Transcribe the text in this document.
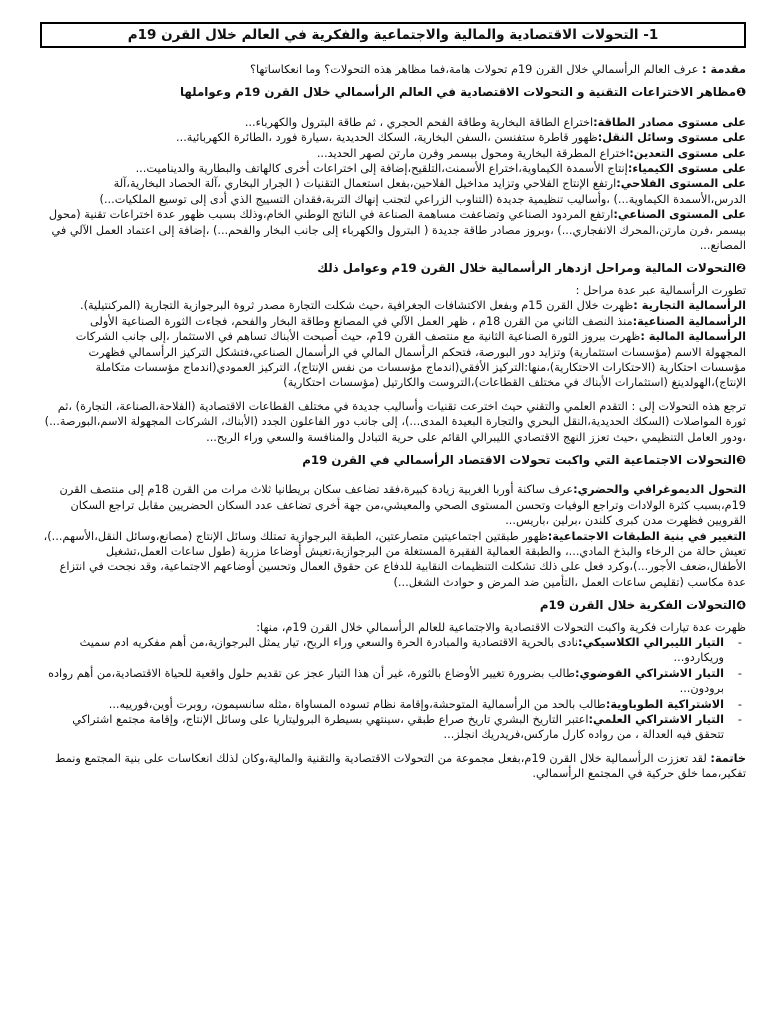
1- التحولات الاقتصادية والمالية والاجتماعية والفكرية في العالم خلال القرن 19م

مقدمة : عرف العالم الرأسمالي خلال القرن 19م تحولات هامة،فما مظاهر هذه التحولات؟ وما انعكاساتها؟

❶مظاهر الاختراعات التقنية و التحولات الاقتصادية في العالم الرأسمالي خلال القرن 19م وعواملها

على مستوى مصادر الطاقة:اختراع الطاقة البخارية وطاقة الفحم الحجري ، ثم طاقة البترول والكهرباء...

على مستوى وسائل النقل:ظهور قاطرة ستفنسن ،السفن البخارية، السكك الحديدية ،سيارة فورد ،الطائرة الكهربائية...

على مستوى التعدين:اختراع المطرقة البخارية ومحول بيسمر وفرن مارتن لصهر الحديد...

على مستوى الكيمياء:إنتاج الأسمدة الكيماوية،اختراع الأسمنت،التلقيح،إضافة إلى اختراعات أخرى كالهاتف والبطارية والديناميت...

على المستوى الفلاحي:ارتفع الإنتاج الفلاحي وتزايد مداخيل الفلاحين،بفعل استعمال التقنيات ( الجرار البخاري ،آلة الحصاد البخارية،آلة الدرس،الأسمدة الكيماوية...) ،وأساليب تنظيمية جديدة (التناوب الزراعي لتجنب إنهاك التربة،فقدان التسييج الذي أدى إلى توسيع الملكيات...)

على المستوى الصناعي:ارتفع المردود الصناعي وتضاعفت مساهمة الصناعة في الناتج الوطني الخام،وذلك بسبب ظهور عدة اختراعات تقنية (محول بيسمر ،فرن مارتن،المحرك الانفجاري...) ،وبروز مصادر طاقة جديدة ( البترول والكهرباء إلى جانب البخار والفحم...) ،إضافة إلى اعتماد العمل الآلي في المصانع...

❷التحولات المالية ومراحل ازدهار الرأسمالية خلال القرن 19م وعوامل ذلك

تطورت الرأسمالية عبر عدة مراحل :

الرأسمالية التجارية :ظهرت خلال القرن 15م وبفعل الاكتشافات الجغرافية ،حيث شكلت التجارة مصدر ثروة البرجوازية التجارية (المركنتيلية).

الرأسمالية الصناعية:منذ النصف الثاني من القرن 18م ، ظهر العمل الآلي في المصانع وطاقة البخار والفحم، فجاءت الثورة الصناعية الأولى

الرأسمالية المالية :ظهرت ببروز الثورة الصناعية الثانية مع منتصف القرن 19م، حيث أصبحت الأبناك تساهم في الاستثمار ،إلى جانب الشركات المجهولة الاسم (مؤسسات استثمارية) وتزايد دور البورصة، فتحكم الرأسمال المالي في الرأسمال الصناعي،فتشكل التركيز الرأسمالي فظهرت مؤسسات احتكارية (الاحتكارات الاحتكارية)،منها:التركيز الأفقي(اندماج مؤسسات من نفس الإنتاج)، التركيز العمودي(اندماج مؤسسات متكاملة الإنتاج)،الهولدينغ (استثمارات الأبناك في مختلف القطاعات)،التروست والكارتيل (مؤسسات احتكارية)

ترجع هذه التحولات إلى : التقدم العلمي والتقني حيث اخترعت تقنيات وأساليب جديدة في مختلف القطاعات الاقتصادية (الفلاحة،الصناعة، التجارة) ،ثم ثورة المواصلات (السكك الحديدية،النقل البحري والتجارة البعيدة المدى...)، إلى جانب دور الفاعلون الجدد (الأبناك، الشركات المجهولة الاسم،البورصة...) ،ودور العامل التنظيمي ،حيث تعزز النهج الاقتصادي الليبرالي القائم على حرية التبادل والمنافسة والسعي وراء الربح...

❸التحولات الاجتماعية التي واكبت تحولات الاقتصاد الرأسمالي في القرن 19م

التحول الديموغرافي والحضري:عرف ساكنة أوربا الغربية زيادة كبيرة،فقد تضاعف سكان بريطانيا ثلاث مرات من القرن 18م إلى منتصف القرن 19م،بسبب كثرة الولادات وتراجع الوفيات وتحسن المستوى الصحي والمعيشي،من جهة أخرى تضاعف عدد السكان الحضريين مقابل تراجع السكان القرويين فظهرت مدن كبرى كلندن ،برلين ،باريس...

التغيير في بنية الطبقات الاجتماعية:ظهور طبقتين اجتماعيتين متصارعتين، الطبقة البرجوازية تمتلك وسائل الإنتاج (مصانع،وسائل النقل،الأسهم...)، تعيش حالة من الرخاء والبذخ المادي...، والطبقة العمالية الفقيرة المستغلة من البرجوازية،تعيش أوضاعا مزرية (طول ساعات العمل،تشغيل الأطفال،ضعف الأجور...)،وكرد فعل على ذلك تشكلت التنظيمات النقابية للدفاع عن حقوق العمال وتحسين أوضاعهم الاجتماعية، وقد نجحت في انتزاع عدة مكاسب (تقليص ساعات العمل ،التأمين ضد المرض و حوادث الشغل...)

❹التحولات الفكرية خلال القرن 19م

ظهرت عدة تيارات فكرية واكبت التحولات الاقتصادية والاجتماعية للعالم الرأسمالي خلال القرن 19م، منها:

- التيار الليبرالي الكلاسيكي:نادى بالحرية الاقتصادية والمبادرة الحرة والسعي وراء الربح، تيار يمثل البرجوازية،من أهم مفكريه ادم سميث وريكاردو...
- التيار الاشتراكي الفوضوي:طالب بضرورة تغيير الأوضاع بالثورة، غير أن هذا التيار عجز عن تقديم حلول واقعية للحياة الاقتصادية،من أهم رواده برودون...
- الاشتراكية الطوباوية:طالب بالحد من الرأسمالية المتوحشة،وإقامة نظام تسوده المساواة ،مثله سانسيمون، روبرت أوين،فورييه...
- التيار الاشتراكي العلمي:اعتبر التاريخ البشري تاريخ صراع طبقي ،سينتهي بسيطرة البروليتاريا على وسائل الإنتاج، وإقامة مجتمع اشتراكي تتحقق فيه العدالة ، من رواده كارل ماركس،فريدريك انجلز...

خاتمة: لقد تعززت الرأسمالية خلال القرن 19م،بفعل مجموعة من التحولات الاقتصادية والتقنية والمالية،وكان لذلك انعكاسات على بنية المجتمع ونمط تفكير،مما خلق حركية في المجتمع الرأسمالي.
